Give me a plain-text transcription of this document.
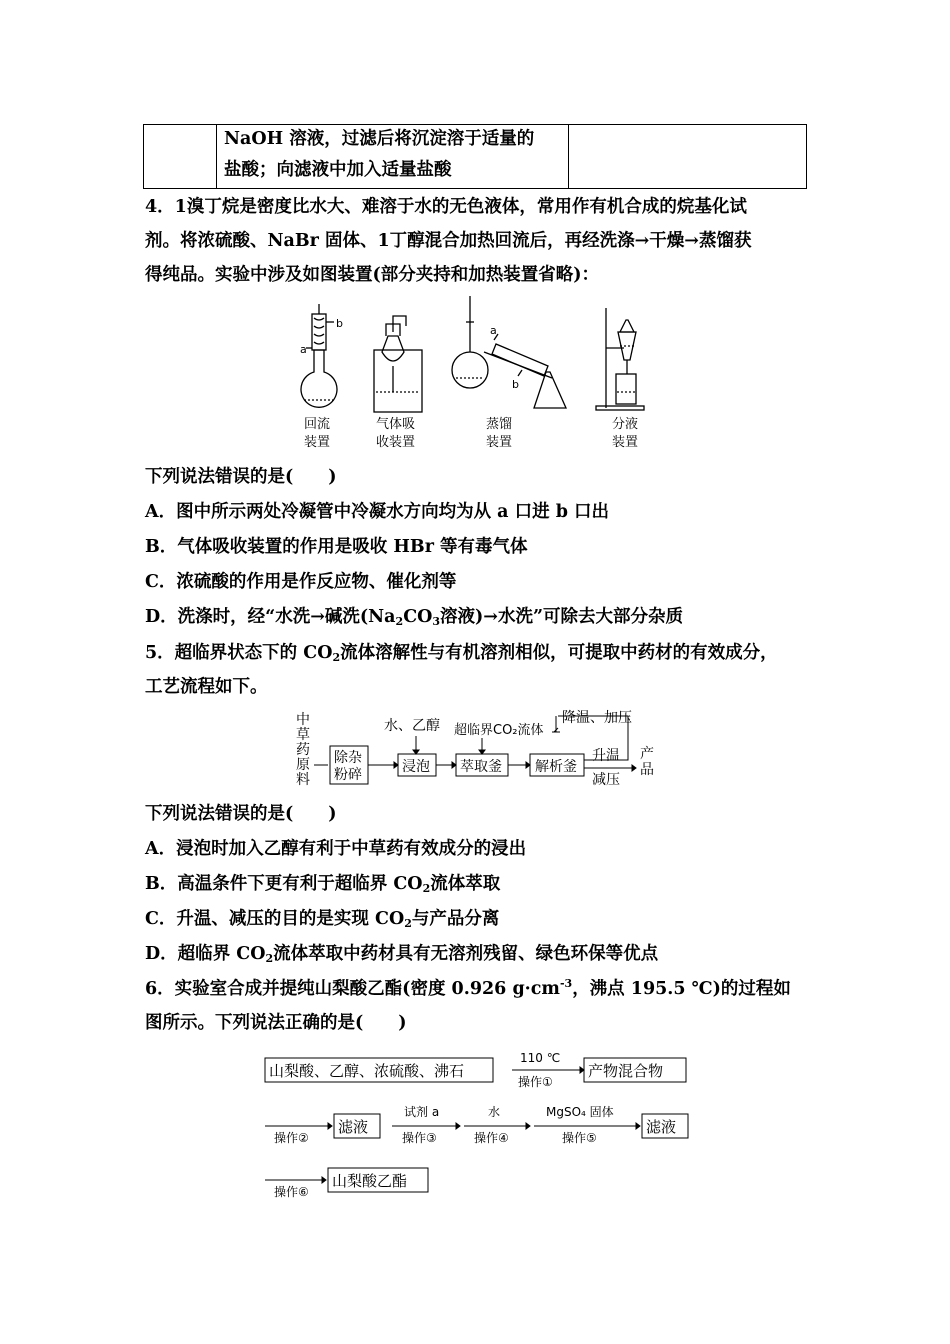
NaOH 溶液，过滤后将沉淀溶于适量的
盐酸；向滤液中加入适量盐酸
4．1溴丁烷是密度比水大、难溶于水的无色液体，常用作有机合成的烷基化试
剂。将浓硫酸、NaBr 固体、1丁醇混合加热回流后，再经洗涤→干燥→蒸馏获
得纯品。实验中涉及如图装置(部分夹持和加热装置省略)：
b
a
a
b
回流
装置
气体吸
收装置
蒸馏
装置
分液
装置
下列说法错误的是(　　)
A．图中所示两处冷凝管中冷凝水方向均为从 a 口进 b 口出
B．气体吸收装置的作用是吸收 HBr 等有毒气体
C．浓硫酸的作用是作反应物、催化剂等
D．洗涤时，经“水洗→碱洗($Na_2CO_3$溶液)→水洗”可除去大部分杂质
5．超临界状态下的 $CO_2$流体溶解性与有机溶剂相似，可提取中药材的有效成分，
工艺流程如下。
中
草
药
原
料
除杂
粉碎	浸泡
水、乙醇
萃取釜
超临界CO₂流体
解析釜
降温、加压
升温
减压
产
品
下列说法错误的是(　　)
A．浸泡时加入乙醇有利于中草药有效成分的浸出
B．高温条件下更有利于超临界 $CO_2$流体萃取
C．升温、减压的目的是实现 $CO_2$与产品分离
D．超临界 $CO_2$流体萃取中药材具有无溶剂残留、绿色环保等优点
6．实验室合成并提纯山梨酸乙酯(密度 0.926 $g\cdot cm^{-3}$，沸点 195.5 ℃)的过程如
图所示。下列说法正确的是(　　)
山梨酸、乙醇、浓硫酸、沸石
110 ℃
操作①
产物混合物
操作②
滤液
试剂 a
操作③
水
操作④
MgSO₄ 固体
操作⑤
滤液
操作⑥
山梨酸乙酯
